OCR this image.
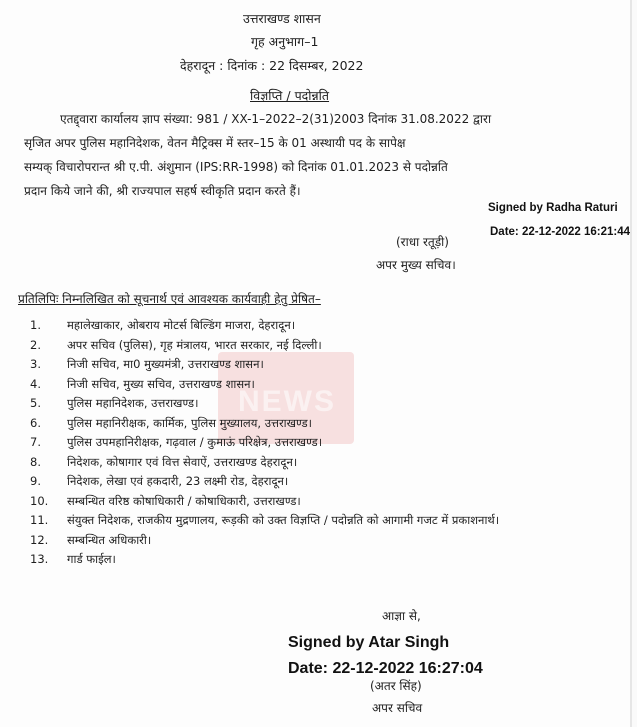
उत्तराखण्ड शासन
गृह अनुभाग–1
देहरादून : दिनांक : 22 दिसम्बर, 2022
विज्ञप्ति / पदोन्नति
एतद्द्वारा कार्यालय ज्ञाप संख्या: 981 / XX-1–2022–2(31)2003 दिनांक 31.08.2022 द्वारा
सृजित अपर पुलिस महानिदेशक, वेतन मैट्रिक्स में स्तर–15 के 01 अस्थायी पद के सापेक्ष
सम्यक् विचारोपरान्त श्री ए.पी. अंशुमान (IPS:RR-1998) को दिनांक 01.01.2023 से पदोन्नति
प्रदान किये जाने की, श्री राज्यपाल सहर्ष स्वीकृति प्रदान करते हैं।
Signed by Radha Raturi
Date: 22-12-2022 16:21:44
(राधा रतूड़ी)
अपर मुख्य सचिव।
प्रतिलिपिः निम्नलिखित को सूचनार्थ एवं आवश्यक कार्यवाही हेतु प्रेषित–
NEWS
1.	महालेखाकार, ओबराय मोटर्स बिल्डिंग माजरा, देहरादून।
2.	अपर सचिव (पुलिस), गृह मंत्रालय, भारत सरकार, नई दिल्ली।
3.	निजी सचिव, मा0 मुख्यमंत्री, उत्तराखण्ड शासन।
4.	निजी सचिव, मुख्य सचिव, उत्तराखण्ड शासन।
5.	पुलिस महानिदेशक, उत्तराखण्ड।
6.	पुलिस महानिरीक्षक, कार्मिक, पुलिस मुख्यालय, उत्तराखण्ड।
7.	पुलिस उपमहानिरीक्षक, गढ़वाल / कुमाऊं परिक्षेत्र, उत्तराखण्ड।
8.	निदेशक, कोषागार एवं वित्त सेवाऐं, उत्तराखण्ड देहरादून।
9.	निदेशक, लेखा एवं हकदारी, 23 लक्ष्मी रोड, देहरादून।
10.	सम्बन्धित वरिष्ठ कोषाधिकारी / कोषाधिकारी, उत्तराखण्ड।
11.	संयुक्त निदेशक, राजकीय मुद्रणालय, रूड़की को उक्त विज्ञप्ति / पदोन्नति को आगामी गजट में प्रकाशनार्थ।
12.	सम्बन्धित अधिकारी।
13.	गार्ड फाईल।
आज्ञा से,
Signed by Atar Singh
Date: 22-12-2022 16:27:04
(अतर सिंह)
अपर सचिव
